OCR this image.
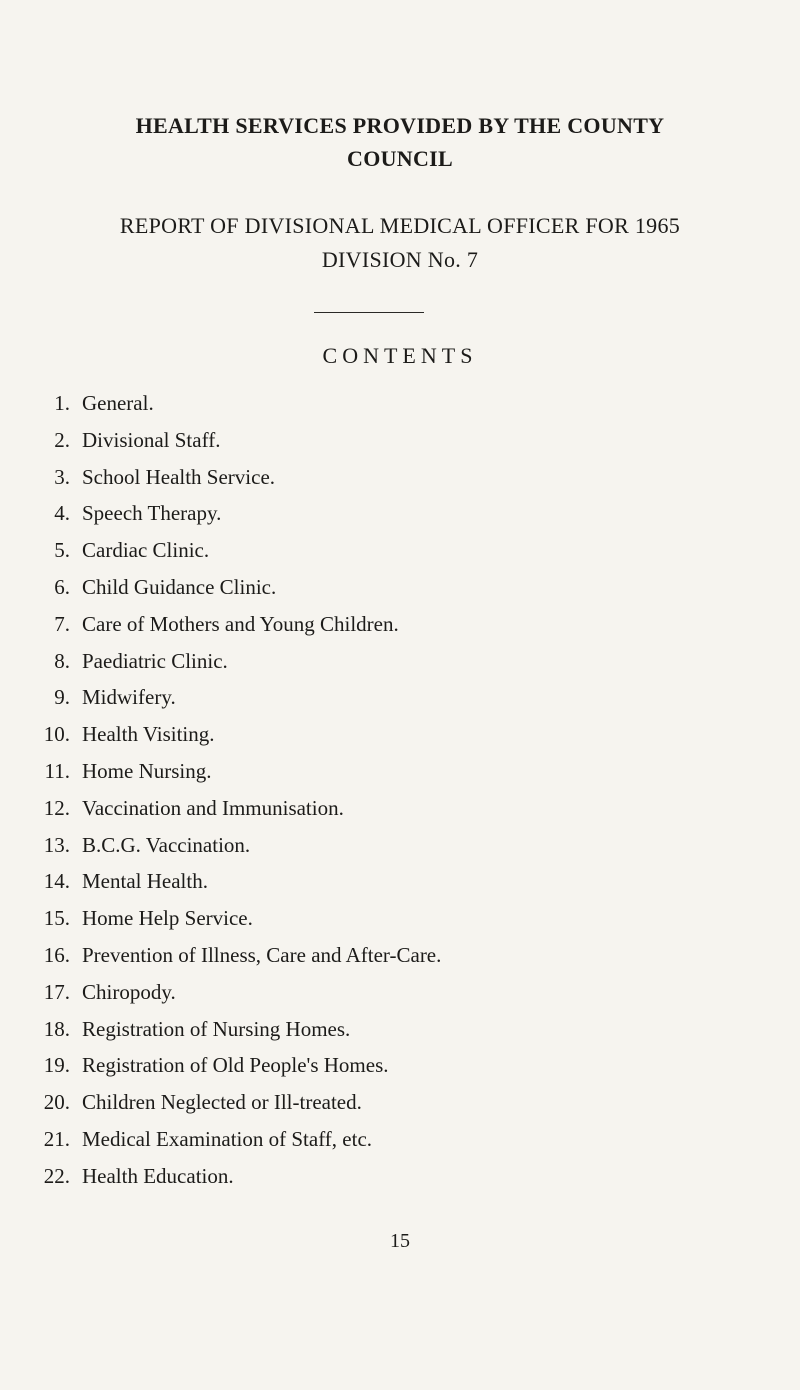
HEALTH SERVICES PROVIDED BY THE COUNTY
COUNCIL
REPORT OF DIVISIONAL MEDICAL OFFICER FOR 1965
DIVISION No. 7
CONTENTS
1. General.
2. Divisional Staff.
3. School Health Service.
4. Speech Therapy.
5. Cardiac Clinic.
6. Child Guidance Clinic.
7. Care of Mothers and Young Children.
8. Paediatric Clinic.
9. Midwifery.
10. Health Visiting.
11. Home Nursing.
12. Vaccination and Immunisation.
13. B.C.G. Vaccination.
14. Mental Health.
15. Home Help Service.
16. Prevention of Illness, Care and After-Care.
17. Chiropody.
18. Registration of Nursing Homes.
19. Registration of Old People's Homes.
20. Children Neglected or Ill-treated.
21. Medical Examination of Staff, etc.
22. Health Education.
15
